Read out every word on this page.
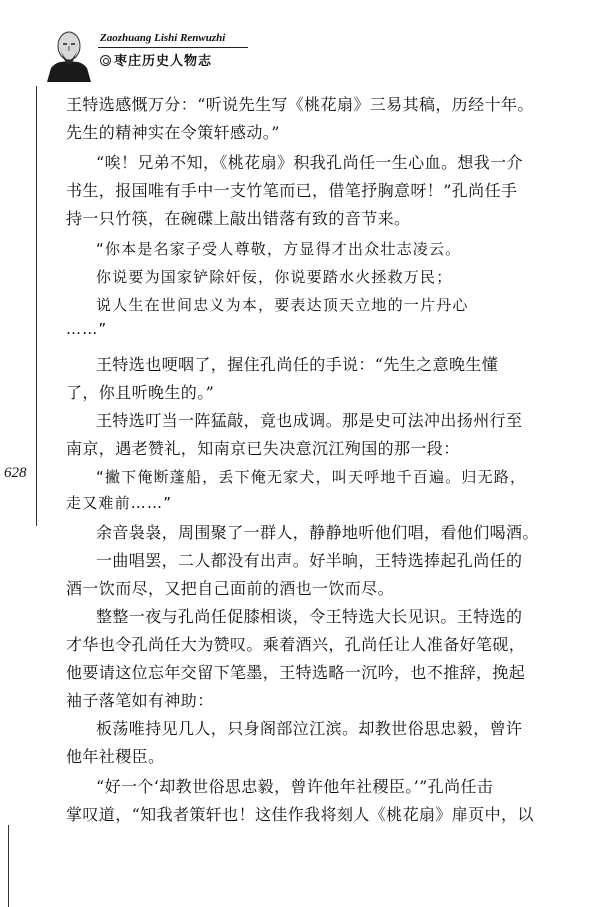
Zaozhuang Lishi Renwuzhi
枣庄历史人物志
628
王特选感慨万分：“听说先生写《桃花扇》三易其稿，历经十年。
先生的精神实在令策轩感动。”
“唉！兄弟不知，《桃花扇》积我孔尚任一生心血。想我一介
书生，报国唯有手中一支竹笔而已，借笔抒胸意呀！”孔尚任手
持一只竹筷，在碗碟上敲出错落有致的音节来。
“你本是名家子受人尊敬，方显得才出众壮志凌云。
你说要为国家铲除奸佞，你说要踏水火拯救万民；
说人生在世间忠义为本，要表达顶天立地的一片丹心
……”
王特选也哽咽了，握住孔尚任的手说：“先生之意晚生懂
了，你且听晚生的。”
王特选叮当一阵猛敲，竟也成调。那是史可法冲出扬州行至
南京，遇老赞礼，知南京已失决意沉江殉国的那一段：
“撇下俺断蓬船，丢下俺无家犬，叫天呼地千百遍。归无路，
走又难前……”
余音袅袅，周围聚了一群人，静静地听他们唱，看他们喝酒。
一曲唱罢，二人都没有出声。好半晌，王特选捧起孔尚任的
酒一饮而尽，又把自己面前的酒也一饮而尽。
整整一夜与孔尚任促膝相谈，令王特选大长见识。王特选的
才华也令孔尚任大为赞叹。乘着酒兴，孔尚任让人准备好笔砚，
他要请这位忘年交留下笔墨，王特选略一沉吟，也不推辞，挽起
袖子落笔如有神助：
板荡唯持见几人，只身阁部泣江滨。却教世俗思忠毅，曾许
他年社稷臣。
“好一个‘却教世俗思忠毅，曾许他年社稷臣。’”孔尚任击
掌叹道，“知我者策轩也！这佳作我将刻人《桃花扇》扉页中，以
